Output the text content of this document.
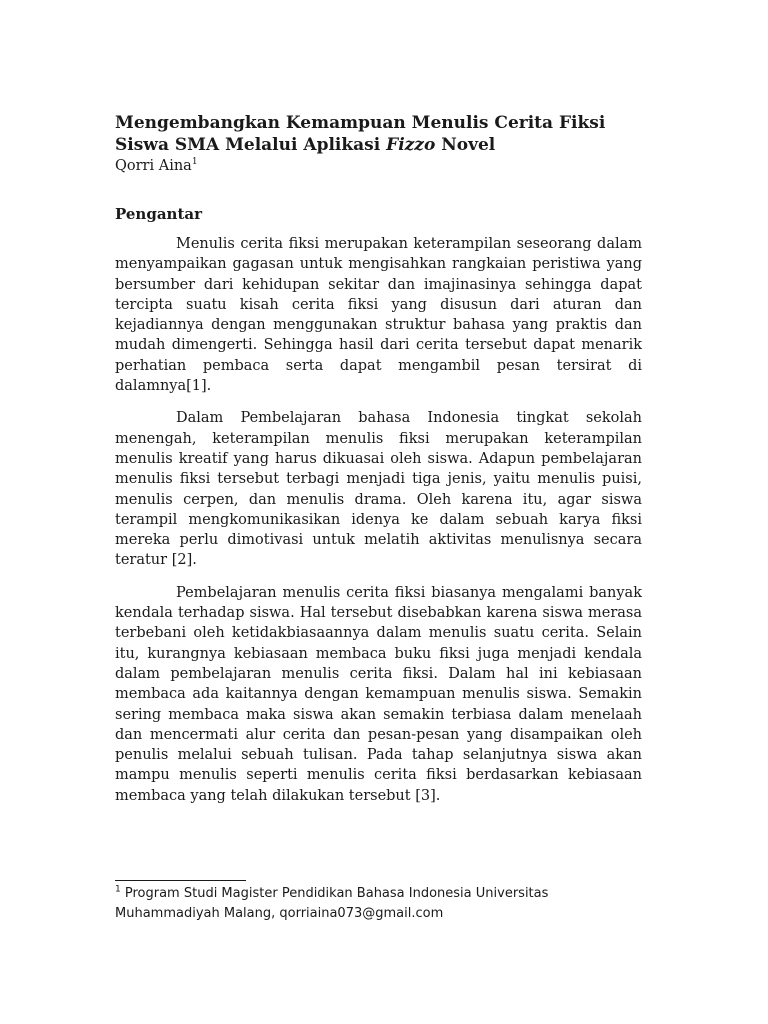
Mengembangkan Kemampuan Menulis Cerita Fiksi
Siswa SMA Melalui Aplikasi Fizzo Novel

Qorri Aina$^1$

Pengantar

Menulis cerita fiksi merupakan keterampilan seseorang dalam menyampaikan gagasan untuk mengisahkan rangkaian peristiwa yang bersumber dari kehidupan sekitar dan imajinasinya sehingga dapat tercipta suatu kisah cerita fiksi yang disusun dari aturan dan kejadiannya dengan menggunakan struktur bahasa yang praktis dan mudah dimengerti. Sehingga hasil dari cerita tersebut dapat menarik perhatian pembaca serta dapat mengambil pesan tersirat di dalamnya[1].

Dalam Pembelajaran bahasa Indonesia tingkat sekolah menengah, keterampilan menulis fiksi merupakan keterampilan menulis kreatif yang harus dikuasai oleh siswa. Adapun pembelajaran menulis fiksi tersebut terbagi menjadi tiga jenis, yaitu menulis puisi, menulis cerpen, dan menulis drama. Oleh karena itu, agar siswa terampil mengkomunikasikan idenya ke dalam sebuah karya fiksi mereka perlu dimotivasi untuk melatih aktivitas menulisnya secara teratur [2].

Pembelajaran menulis cerita fiksi biasanya mengalami banyak kendala terhadap siswa. Hal tersebut disebabkan karena siswa merasa terbebani oleh ketidakbiasaannya dalam menulis suatu cerita. Selain itu, kurangnya kebiasaan membaca buku fiksi juga menjadi kendala dalam pembelajaran menulis cerita fiksi. Dalam hal ini kebiasaan membaca ada kaitannya dengan kemampuan menulis siswa. Semakin sering membaca maka siswa akan semakin terbiasa dalam menelaah dan mencermati alur cerita dan pesan-pesan yang disampaikan oleh penulis melalui sebuah tulisan. Pada tahap selanjutnya siswa akan mampu menulis seperti menulis cerita fiksi berdasarkan kebiasaan membaca yang telah dilakukan tersebut [3].

$^1$ Program Studi Magister Pendidikan Bahasa Indonesia Universitas
Muhammadiyah Malang, qorriaina073@gmail.com
